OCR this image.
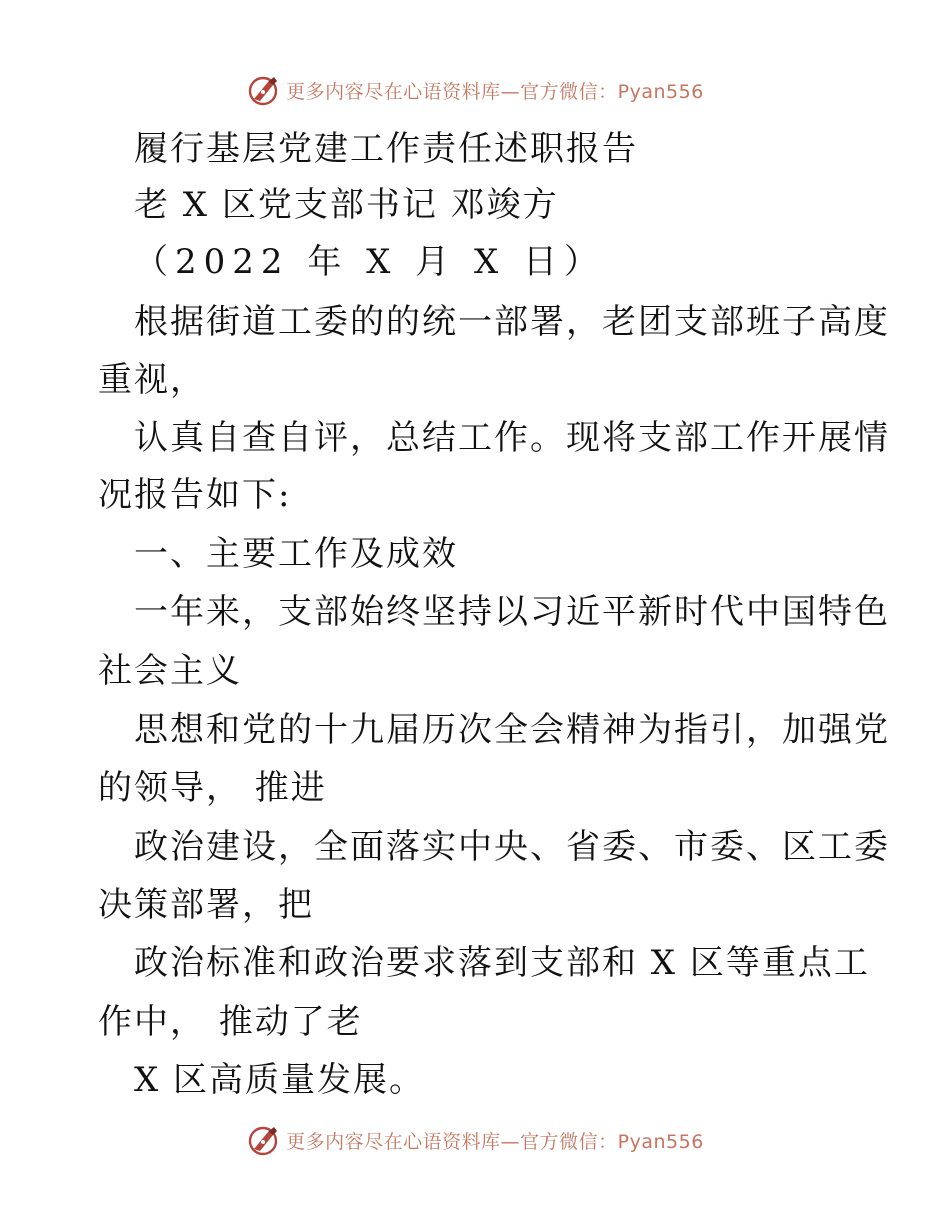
更多内容尽在心语资料库—官方微信：Pyan556
履行基层党建工作责任述职报告
老 X 区党支部书记 邓竣方
（2022 年 X 月 X 日）
根据街道工委的的统一部署，老团支部班子高度
重视，
认真自查自评，总结工作。现将支部工作开展情
况报告如下:
一、主要工作及成效
一年来，支部始终坚持以习近平新时代中国特色
社会主义
思想和党的十九届历次全会精神为指引，加强党
的领导， 推进
政治建设，全面落实中央、省委、市委、区工委
决策部署，把
政治标准和政治要求落到支部和 X 区等重点工
作中， 推动了老
X 区高质量发展。
更多内容尽在心语资料库—官方微信：Pyan556
